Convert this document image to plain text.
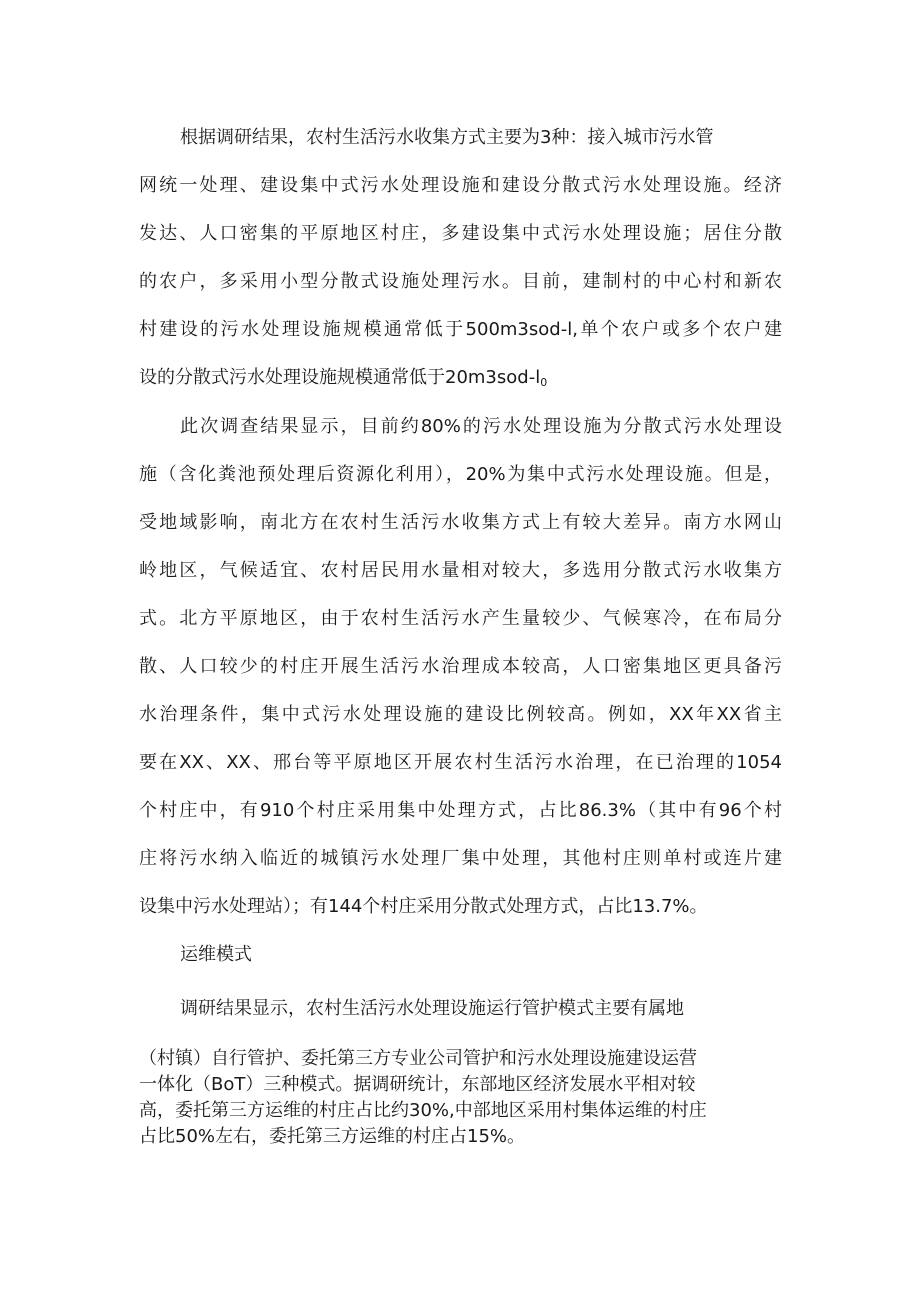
根据调研结果，农村生活污水收集方式主要为3种：接入城市污水管
网统一处理、建设集中式污水处理设施和建设分散式污水处理设施。经济
发达、人口密集的平原地区村庄，多建设集中式污水处理设施；居住分散
的农户，多采用小型分散式设施处理污水。目前，建制村的中心村和新农
村建设的污水处理设施规模通常低于500m3sod-l,单个农户或多个农户建
设的分散式污水处理设施规模通常低于$20m3sod-l_0$
此次调查结果显示，目前约80%的污水处理设施为分散式污水处理设
施（含化粪池预处理后资源化利用），20%为集中式污水处理设施。但是，
受地域影响，南北方在农村生活污水收集方式上有较大差异。南方水网山
岭地区，气候适宜、农村居民用水量相对较大，多选用分散式污水收集方
式。北方平原地区，由于农村生活污水产生量较少、气候寒冷，在布局分
散、人口较少的村庄开展生活污水治理成本较高，人口密集地区更具备污
水治理条件，集中式污水处理设施的建设比例较高。例如，XX年XX省主
要在XX、XX、邢台等平原地区开展农村生活污水治理，在已治理的1054
个村庄中，有910个村庄采用集中处理方式，占比86.3%（其中有96个村
庄将污水纳入临近的城镇污水处理厂集中处理，其他村庄则单村或连片建
设集中污水处理站）；有144个村庄采用分散式处理方式，占比13.7%。
运维模式
调研结果显示，农村生活污水处理设施运行管护模式主要有属地
（村镇）自行管护、委托第三方专业公司管护和污水处理设施建设运营
一体化（BoT）三种模式。据调研统计，东部地区经济发展水平相对较
高，委托第三方运维的村庄占比约30%,中部地区采用村集体运维的村庄
占比50%左右，委托第三方运维的村庄占15%。
